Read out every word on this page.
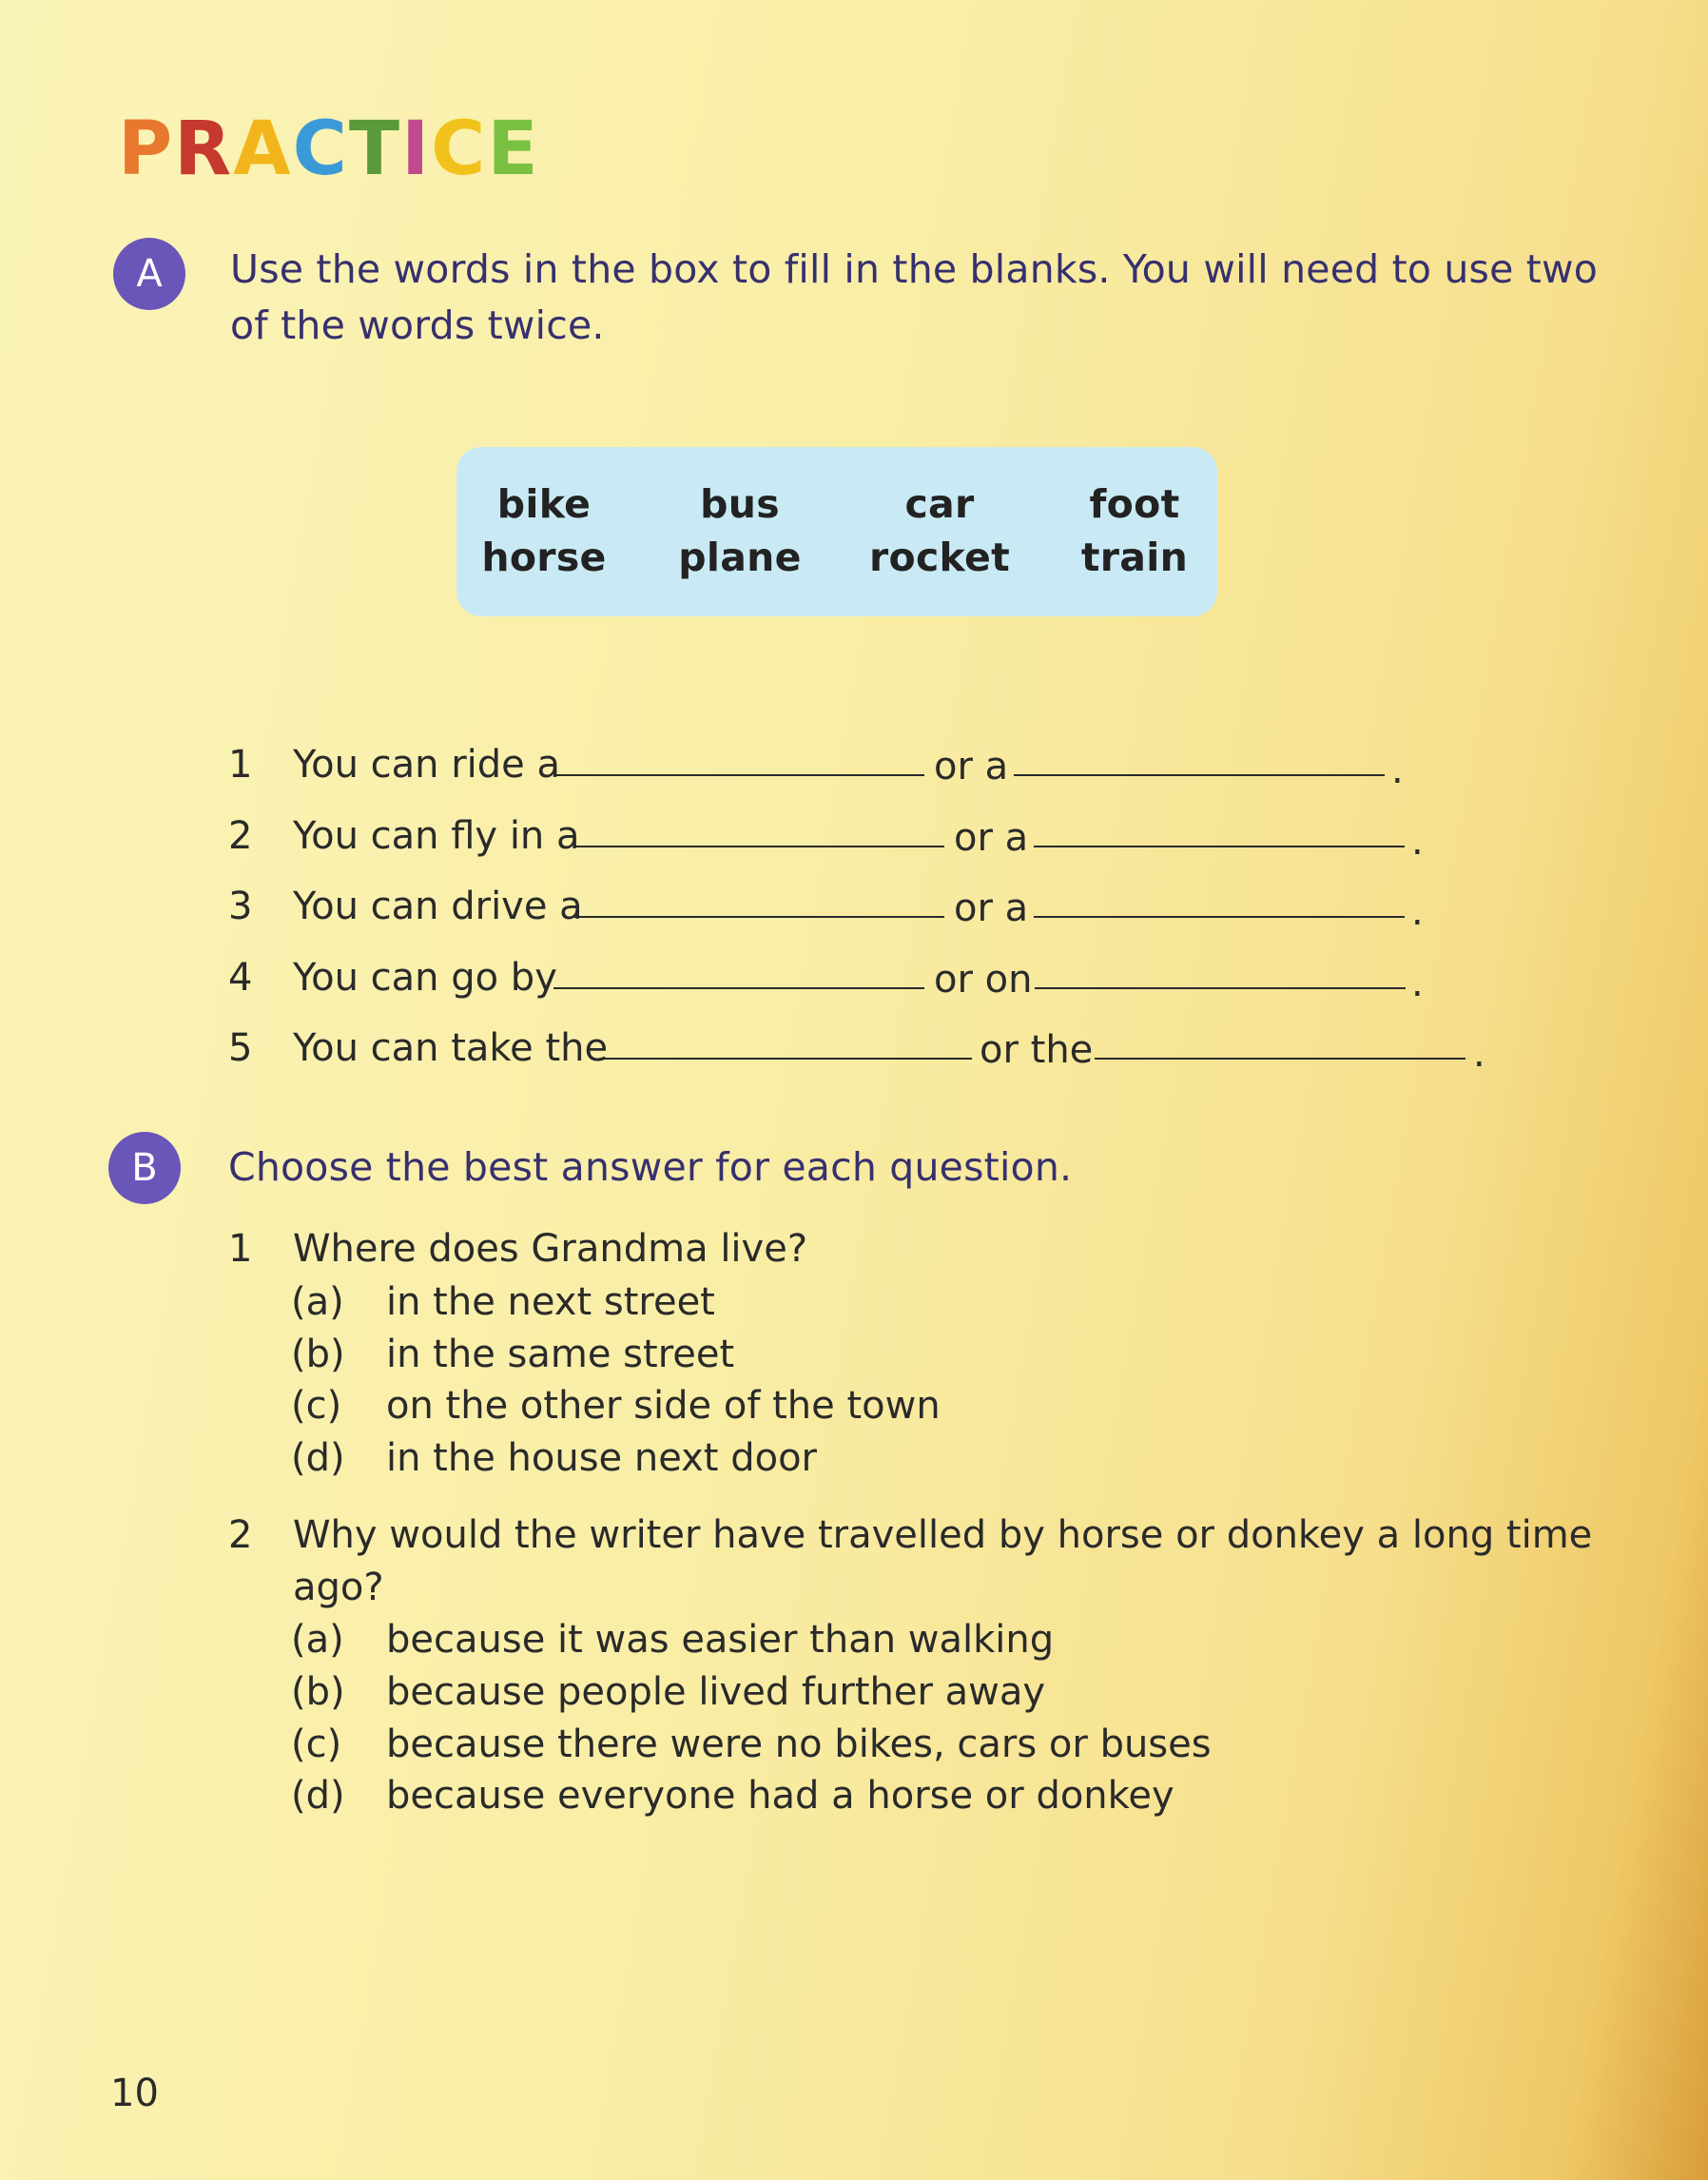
PRACTICE
A Use the words in the box to fill in the blanks. You will need to use two

of the words twice.

bike	bus	car	foot
horse	plane	rocket	train
1 You can ride a	or a	.
2 You can fly in a	or a	.
3 You can drive a	or a	.
4 You can go by	or on	.
5 You can take the	or the	.
B Choose the best answer for each question.

1 Where does Grandma live?
(a) in the next street
(b) in the same street
(c) on the other side of the town
(d) in the house next door
2 Why would the writer have travelled by horse or donkey a long time
ago?
(a) because it was easier than walking
(b) because people lived further away
(c) because there were no bikes, cars or buses
(d) because everyone had a horse or donkey
10
